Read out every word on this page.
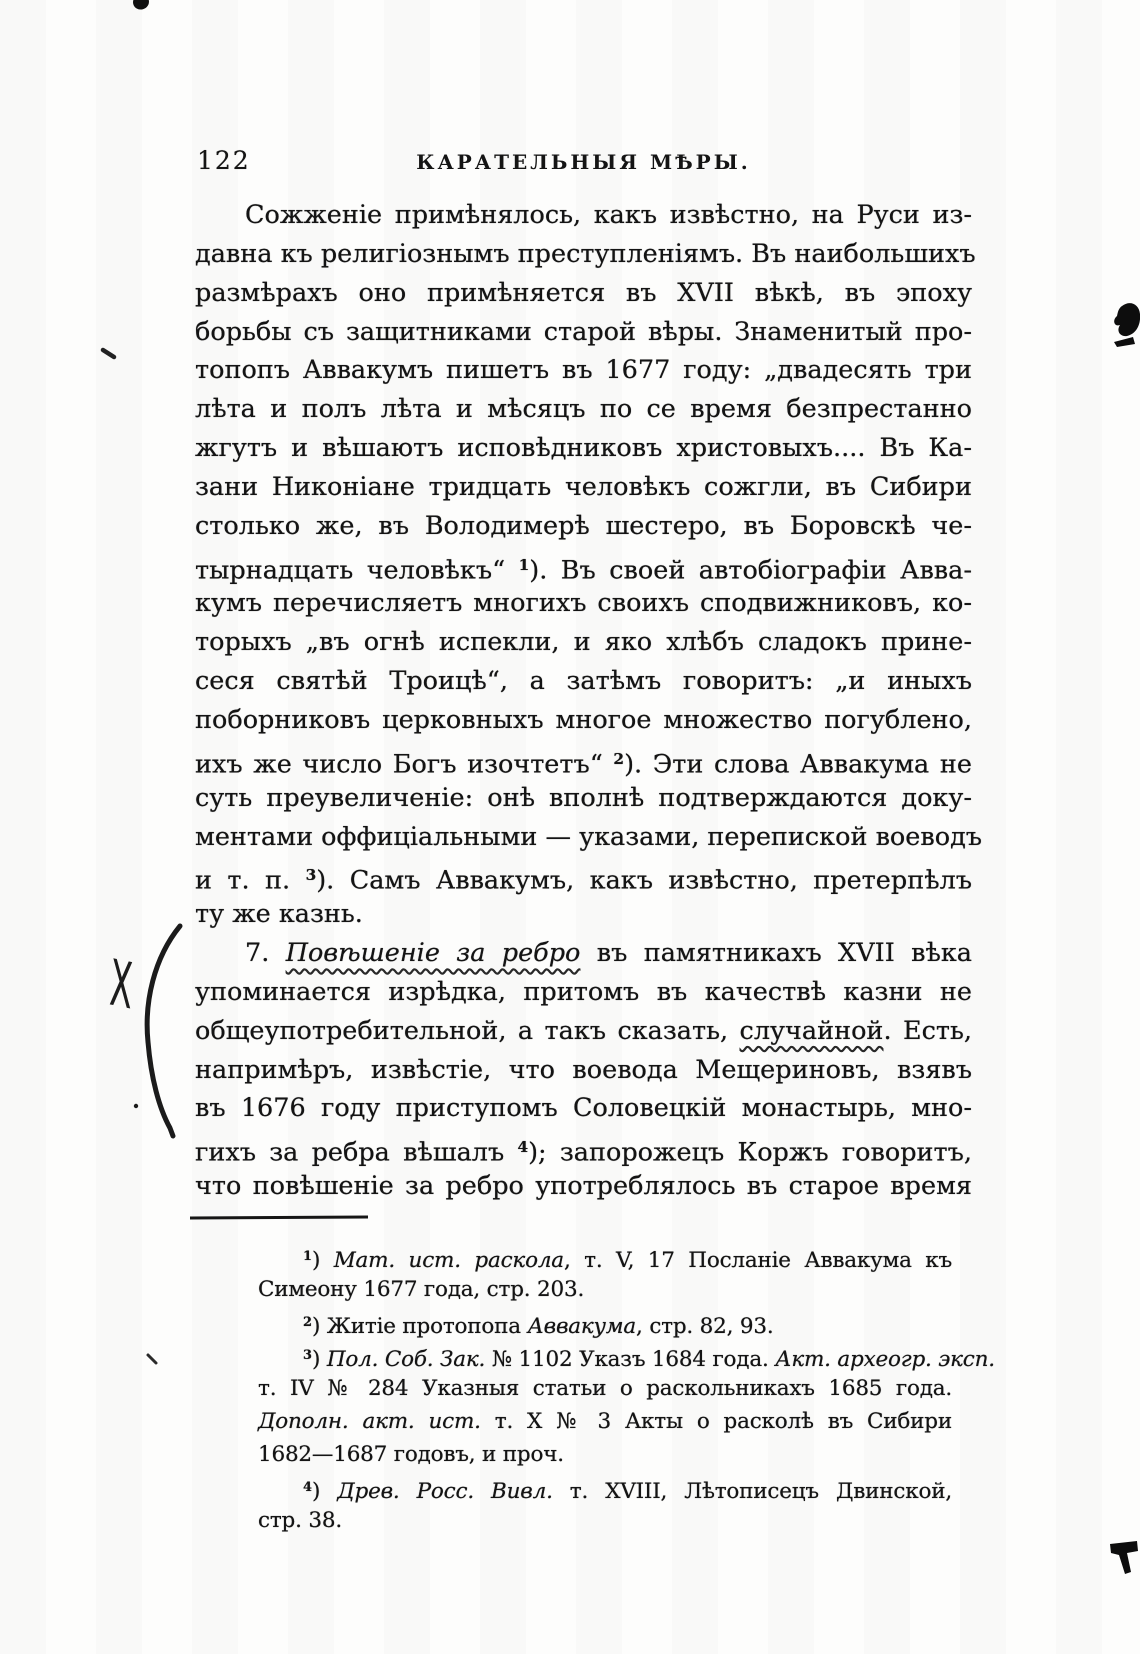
122	КАРАТЕЛЬНЫЯ МѢРЫ.
Сожженіе примѣнялось, какъ извѣстно, на Руси из-
давна къ религіознымъ преступленіямъ. Въ наибольшихъ
размѣрахъ оно примѣняется въ XVII вѣкѣ, въ эпоху
борьбы съ защитниками старой вѣры. Знаменитый про-
топопъ Аввакумъ пишетъ въ 1677 году: „двадесять три
лѣта и полъ лѣта и мѣсяцъ по се время безпрестанно
жгутъ и вѣшаютъ исповѣдниковъ христовыхъ.... Въ Ка-
зани Никоніане тридцать человѣкъ сожгли, въ Сибири
столько же, въ Володимерѣ шестеро, въ Боровскѣ че-
тырнадцать человѣкъ“ $^1$). Въ своей автобіографіи Авва-
кумъ перечисляетъ многихъ своихъ сподвижниковъ, ко-
торыхъ „въ огнѣ испекли, и яко хлѣбъ сладокъ прине-
сеся святѣй Троицѣ“, а затѣмъ говоритъ: „и иныхъ
поборниковъ церковныхъ многое множество погублено,
ихъ же число Богъ изочтетъ“ $^2$). Эти слова Аввакума не
суть преувеличеніе: онѣ вполнѣ подтверждаются доку-
ментами оффиціальными — указами, перепиской воеводъ
и т. п. $^3$). Самъ Аввакумъ, какъ извѣстно, претерпѣлъ
ту же казнь.
7. Повѣшеніе за ребро въ памятникахъ XVII вѣка
упоминается изрѣдка, притомъ въ качествѣ казни не
общеупотребительной, а такъ сказать, случайной. Есть,
напримѣръ, извѣстіе, что воевода Мещериновъ, взявъ
въ 1676 году приступомъ Соловецкій монастырь, мно-
гихъ за ребра вѣшалъ $^4$); запорожецъ Коржъ говоритъ,
что повѣшеніе за ребро употреблялось въ старое время
$^1$) Мат. ист. раскола, т. V, 17 Посланіе Аввакума къ
Симеону 1677 года, стр. 203.
$^2$) Житіе протопопа Аввакума, стр. 82, 93.
$^3$) Пол. Соб. Зак. № 1102 Указъ 1684 года. Акт. археогр. эксп.
т. IV № 284 Указныя статьи о раскольникахъ 1685 года.
Дополн. акт. ист. т. X № 3 Акты о расколѣ въ Сибири
1682—1687 годовъ, и проч.
$^4$) Древ. Росс. Вивл. т. XVIII, Лѣтописецъ Двинской,
стр. 38.
X
